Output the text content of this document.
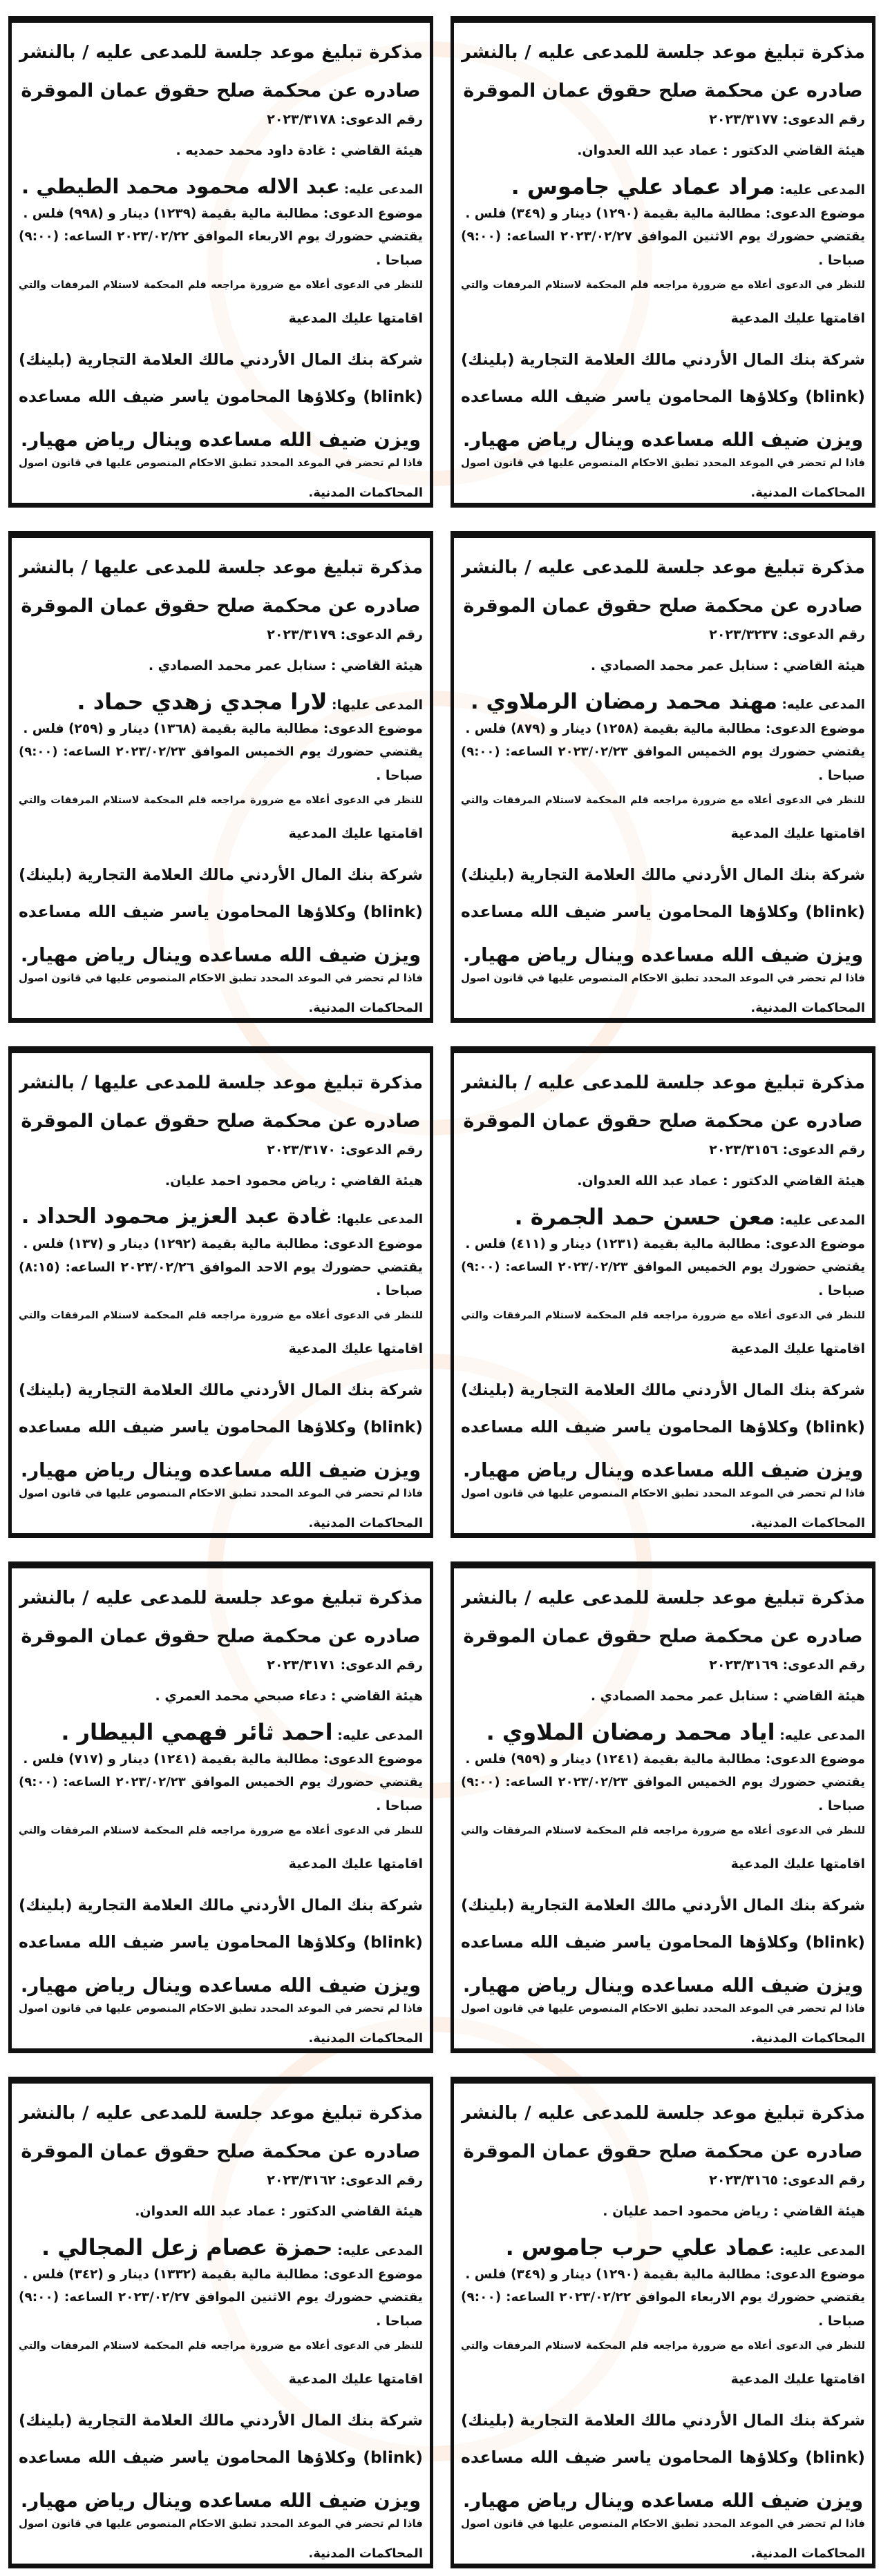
مذكرة تبليغ موعد جلسة للمدعى عليه / بالنشر
صادره عن محكمة صلح حقوق عمان الموقرة
رقم الدعوى: ٢٠٢٣/٣١٧٧
هيئة القاضي الدكتور : عماد عبد الله العدوان.
المدعى عليه: مراد عماد علي جاموس .
موضوع الدعوى: مطالبة مالية بقيمة (١٢٩٠) دينار و (٣٤٩) فلس .
يقتضي حضورك يوم الاثنين الموافق ٢٠٢٣/٠٢/٢٧ الساعه: (٩:٠٠)
صباحا .
للنظر في الدعوى أعلاه مع ضرورة مراجعه قلم المحكمة لاستلام المرفقات والتي
اقامتها عليك المدعية
شركة بنك المال الأردني مالك العلامة التجارية (بلينك)
(blink) وكلاؤها المحامون ياسر ضيف الله مساعده
ويزن ضيف الله مساعده وينال رياض مهيار.
فاذا لم تحضر في الموعد المحدد تطبق الاحكام المنصوص عليها في قانون اصول
المحاكمات المدنية.
مذكرة تبليغ موعد جلسة للمدعى عليه / بالنشر
صادره عن محكمة صلح حقوق عمان الموقرة
رقم الدعوى: ٢٠٢٣/٣١٧٨
هيئة القاضي : غادة داود محمد حمديه .
المدعى عليه: عبد الاله محمود محمد الطيطي .
موضوع الدعوى: مطالبة مالية بقيمة (١٢٣٩) دينار و (٩٩٨) فلس .
يقتضي حضورك يوم الاربعاء الموافق ٢٠٢٣/٠٢/٢٢ الساعه: (٩:٠٠)
صباحا .
للنظر في الدعوى أعلاه مع ضرورة مراجعه قلم المحكمة لاستلام المرفقات والتي
اقامتها عليك المدعية
شركة بنك المال الأردني مالك العلامة التجارية (بلينك)
(blink) وكلاؤها المحامون ياسر ضيف الله مساعده
ويزن ضيف الله مساعده وينال رياض مهيار.
فاذا لم تحضر في الموعد المحدد تطبق الاحكام المنصوص عليها في قانون اصول
المحاكمات المدنية.
مذكرة تبليغ موعد جلسة للمدعى عليه / بالنشر
صادره عن محكمة صلح حقوق عمان الموقرة
رقم الدعوى: ٢٠٢٣/٣٢٣٧
هيئة القاضي : سنابل عمر محمد الصمادي .
المدعى عليه: مهند محمد رمضان الرملاوي .
موضوع الدعوى: مطالبة مالية بقيمة (١٢٥٨) دينار و (٨٧٩) فلس .
يقتضي حضورك يوم الخميس الموافق ٢٠٢٣/٠٢/٢٣ الساعه: (٩:٠٠)
صباحا .
للنظر في الدعوى أعلاه مع ضرورة مراجعه قلم المحكمة لاستلام المرفقات والتي
اقامتها عليك المدعية
شركة بنك المال الأردني مالك العلامة التجارية (بلينك)
(blink) وكلاؤها المحامون ياسر ضيف الله مساعده
ويزن ضيف الله مساعده وينال رياض مهيار.
فاذا لم تحضر في الموعد المحدد تطبق الاحكام المنصوص عليها في قانون اصول
المحاكمات المدنية.
مذكرة تبليغ موعد جلسة للمدعى عليها / بالنشر
صادره عن محكمة صلح حقوق عمان الموقرة
رقم الدعوى: ٢٠٢٣/٣١٧٩
هيئة القاضي : سنابل عمر محمد الصمادي .
المدعى عليها: لارا مجدي زهدي حماد .
موضوع الدعوى: مطالبة مالية بقيمة (١٣٦٨) دينار و (٢٥٩) فلس .
يقتضي حضورك يوم الخميس الموافق ٢٠٢٣/٠٢/٢٣ الساعه: (٩:٠٠)
صباحا .
للنظر في الدعوى أعلاه مع ضرورة مراجعه قلم المحكمة لاستلام المرفقات والتي
اقامتها عليك المدعية
شركة بنك المال الأردني مالك العلامة التجارية (بلينك)
(blink) وكلاؤها المحامون ياسر ضيف الله مساعده
ويزن ضيف الله مساعده وينال رياض مهيار.
فاذا لم تحضر في الموعد المحدد تطبق الاحكام المنصوص عليها في قانون اصول
المحاكمات المدنية.
مذكرة تبليغ موعد جلسة للمدعى عليه / بالنشر
صادره عن محكمة صلح حقوق عمان الموقرة
رقم الدعوى: ٢٠٢٣/٣١٥٦
هيئة القاضي الدكتور : عماد عبد الله العدوان.
المدعى عليه: معن حسن حمد الجمرة .
موضوع الدعوى: مطالبة مالية بقيمة (١٢٣١) دينار و (٤١١) فلس .
يقتضي حضورك يوم الخميس الموافق ٢٠٢٣/٠٢/٢٣ الساعه: (٩:٠٠)
صباحا .
للنظر في الدعوى أعلاه مع ضرورة مراجعه قلم المحكمة لاستلام المرفقات والتي
اقامتها عليك المدعية
شركة بنك المال الأردني مالك العلامة التجارية (بلينك)
(blink) وكلاؤها المحامون ياسر ضيف الله مساعده
ويزن ضيف الله مساعده وينال رياض مهيار.
فاذا لم تحضر في الموعد المحدد تطبق الاحكام المنصوص عليها في قانون اصول
المحاكمات المدنية.
مذكرة تبليغ موعد جلسة للمدعى عليها / بالنشر
صادره عن محكمة صلح حقوق عمان الموقرة
رقم الدعوى: ٢٠٢٣/٣١٧٠
هيئة القاضي : رياض محمود احمد عليان.
المدعى عليها: غادة عبد العزيز محمود الحداد .
موضوع الدعوى: مطالبة مالية بقيمة (١٢٩٢) دينار و (١٣٧) فلس .
يقتضي حضورك يوم الاحد الموافق ٢٠٢٣/٠٢/٢٦ الساعه: (٨:١٥)
صباحا .
للنظر في الدعوى أعلاه مع ضرورة مراجعه قلم المحكمة لاستلام المرفقات والتي
اقامتها عليك المدعية
شركة بنك المال الأردني مالك العلامة التجارية (بلينك)
(blink) وكلاؤها المحامون ياسر ضيف الله مساعده
ويزن ضيف الله مساعده وينال رياض مهيار.
فاذا لم تحضر في الموعد المحدد تطبق الاحكام المنصوص عليها في قانون اصول
المحاكمات المدنية.
مذكرة تبليغ موعد جلسة للمدعى عليه / بالنشر
صادره عن محكمة صلح حقوق عمان الموقرة
رقم الدعوى: ٢٠٢٣/٣١٦٩
هيئة القاضي : سنابل عمر محمد الصمادي .
المدعى عليه: اياد محمد رمضان الملاوي .
موضوع الدعوى: مطالبة مالية بقيمة (١٢٤١) دينار و (٩٥٩) فلس .
يقتضي حضورك يوم الخميس الموافق ٢٠٢٣/٠٢/٢٣ الساعه: (٩:٠٠)
صباحا .
للنظر في الدعوى أعلاه مع ضرورة مراجعه قلم المحكمة لاستلام المرفقات والتي
اقامتها عليك المدعية
شركة بنك المال الأردني مالك العلامة التجارية (بلينك)
(blink) وكلاؤها المحامون ياسر ضيف الله مساعده
ويزن ضيف الله مساعده وينال رياض مهيار.
فاذا لم تحضر في الموعد المحدد تطبق الاحكام المنصوص عليها في قانون اصول
المحاكمات المدنية.
مذكرة تبليغ موعد جلسة للمدعى عليه / بالنشر
صادره عن محكمة صلح حقوق عمان الموقرة
رقم الدعوى: ٢٠٢٣/٣١٧١
هيئة القاضي : دعاء صبحي محمد العمري .
المدعى عليه: احمد ثائر فهمي البيطار .
موضوع الدعوى: مطالبة مالية بقيمة (١٢٤١) دينار و (٧١٧) فلس .
يقتضي حضورك يوم الخميس الموافق ٢٠٢٣/٠٢/٢٣ الساعه: (٩:٠٠)
صباحا .
للنظر في الدعوى أعلاه مع ضرورة مراجعه قلم المحكمة لاستلام المرفقات والتي
اقامتها عليك المدعية
شركة بنك المال الأردني مالك العلامة التجارية (بلينك)
(blink) وكلاؤها المحامون ياسر ضيف الله مساعده
ويزن ضيف الله مساعده وينال رياض مهيار.
فاذا لم تحضر في الموعد المحدد تطبق الاحكام المنصوص عليها في قانون اصول
المحاكمات المدنية.
مذكرة تبليغ موعد جلسة للمدعى عليه / بالنشر
صادره عن محكمة صلح حقوق عمان الموقرة
رقم الدعوى: ٢٠٢٣/٣١٦٥
هيئة القاضي : رياض محمود احمد عليان .
المدعى عليه: عماد علي حرب جاموس .
موضوع الدعوى: مطالبة مالية بقيمة (١٢٩٠) دينار و (٣٤٩) فلس .
يقتضي حضورك يوم الاربعاء الموافق ٢٠٢٣/٠٢/٢٢ الساعه: (٩:٠٠)
صباحا .
للنظر في الدعوى أعلاه مع ضرورة مراجعه قلم المحكمة لاستلام المرفقات والتي
اقامتها عليك المدعية
شركة بنك المال الأردني مالك العلامة التجارية (بلينك)
(blink) وكلاؤها المحامون ياسر ضيف الله مساعده
ويزن ضيف الله مساعده وينال رياض مهيار.
فاذا لم تحضر في الموعد المحدد تطبق الاحكام المنصوص عليها في قانون اصول
المحاكمات المدنية.
مذكرة تبليغ موعد جلسة للمدعى عليه / بالنشر
صادره عن محكمة صلح حقوق عمان الموقرة
رقم الدعوى: ٢٠٢٣/٣١٦٢
هيئة القاضي الدكتور : عماد عبد الله العدوان.
المدعى عليه: حمزة عصام زعل المجالي .
موضوع الدعوى: مطالبة مالية بقيمة (١٣٣٢) دينار و (٣٤٢) فلس .
يقتضي حضورك يوم الاثنين الموافق ٢٠٢٣/٠٢/٢٧ الساعه: (٩:٠٠)
صباحا .
للنظر في الدعوى أعلاه مع ضرورة مراجعه قلم المحكمة لاستلام المرفقات والتي
اقامتها عليك المدعية
شركة بنك المال الأردني مالك العلامة التجارية (بلينك)
(blink) وكلاؤها المحامون ياسر ضيف الله مساعده
ويزن ضيف الله مساعده وينال رياض مهيار.
فاذا لم تحضر في الموعد المحدد تطبق الاحكام المنصوص عليها في قانون اصول
المحاكمات المدنية.
